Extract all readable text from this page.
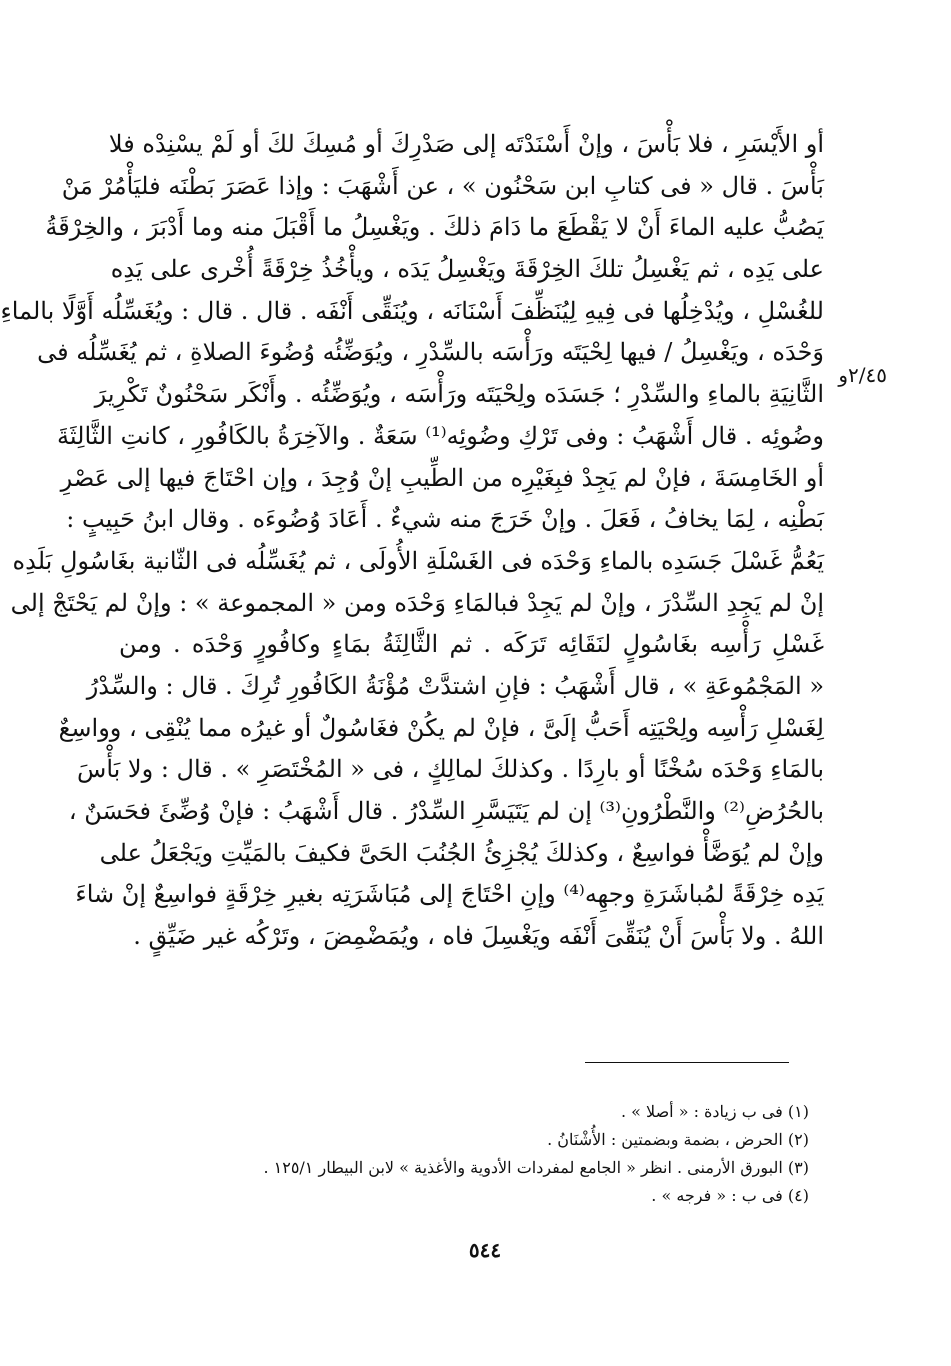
أو الأَيْسَرِ ، فلا بَأْسَ ، وإنْ أَسْنَدْتَه إلى صَدْرِكَ أو مُسِكَ لكَ أو لَمْ يسْنِدْه فلا
بَأْسَ . قال « فى كتابِ ابن سَحْنُون » ، عن أَشْهَبَ : وإذا عَصَرَ بَطْنَه فليَأْمُرْ مَنْ
يَصُبُّ عليه الماءَ أَنْ لا يَقْطَعَ ما دَامَ ذلكَ . ويَغْسِلُ ما أَقْبَلَ منه وما أَدْبَرَ ، والخِرْقَةُ
على يَدِه ، ثم يَغْسِلُ تلكَ الخِرْقَةَ ويَغْسِلُ يَدَه ، ويأْخُذُ خِرْقَةً أُخْرى على يَدِه
للغُسْلِ ، ويُدْخِلُها فى فِيهِ لِيُنَظِّفَ أَسْنَانَه ، ويُنَقِّى أَنْفَه . قال . قال : ويُغَسِّلُه أَوَّلًا بالماءِ
وَحْدَه ، ويَغْسِلُ / فيها لِحْيَتَه ورَأْسَه بالسِّدْرِ ، ويُوَضِّئُه وُضُوءَ الصلاةِ ، ثم يُغَسِّلُه فى
الثَّانِيَةِ بالماءِ والسِّدْرِ ؛ جَسَدَه ولِحْيَتَه ورَأْسَه ، ويُوَضِّئُه . وأَنْكَر سَحْنُونٌ تَكْرِيرَ
وضُوئِه . قال أَشْهَبُ : وفى تَرْكِ وضُوئِه⁽¹⁾ سَعَةٌ . والآخِرَةُ بالكَافُورِ ، كانتِ الثَّالِثَةَ
أو الخَامِسَةَ ، فإنْ لم يَجِدْ فبِغَيْرِه من الطِّيبِ إنْ وُجِدَ ، وإن احْتَاجَ فيها إلى عَصْرِ
بَطْنِه ، لِمَا يخافُ ، فَعَلَ . وإنْ خَرَجَ منه شيءٌ . أَعَادَ وُضُوءَه . وقال ابنُ حَبِيبٍ :
يَعُمُّ غَسْلَ جَسَدِه بالماءِ وَحْدَه فى الغَسْلَةِ الأُولَى ، ثم يُغَسِّلُه فى الثّانية بغَاسُولِ بَلَدِه
إنْ لم يَجِدِ السِّدْرَ ، وإنْ لم يَجِدْ فبالمَاءِ وَحْدَه ومن « المجموعة » : وإنْ لم يَحْتَجْ إلى
غَسْلِ رَأْسِه بغَاسُولٍ لنَقَائِه تَرَكَه . ثم الثَّالِثَةُ بمَاءٍ وكافُورٍ وَحْدَه . ومن
« المَجْمُوعَةِ » ، قال أَشْهَبُ : فإنِ اشتدَّتْ مُؤْنَةُ الكَافُورِ تُرِكَ . قال : والسِّدْرُ
لِغَسْلِ رَأْسِه ولِحْيَتِه أَحَبُّ إلَىَّ ، فإنْ لم يكُنْ فغَاسُولٌ أو غيرُه مما يُنْقِى ، وواسِعٌ
بالمَاءِ وَحْدَه سُخْنًا أو بارِدًا . وكذلكَ لمالِكٍ ، فى « المُخْتَصَرِ » . قال : ولا بَأْسَ
بالحُرُضِ⁽²⁾ والنَّطْرُونِ⁽³⁾ إن لم يَتَيَسَّرِ السِّدْرُ . قال أَشْهَبُ : فإنْ وُضِّئَ فحَسَنٌ ،
وإنْ لم يُوَضَّأْ فواسِعٌ ، وكذلكَ يُجْزِئُ الجُنُبَ الحَىَّ فكيفَ بالمَيِّتِ ويَجْعَلُ على
يَدِه خِرْقَةً لمُباشَرَةِ وجهِه⁽⁴⁾ وإنِ احْتَاجَ إلى مُبَاشَرَتِه بغيرِ خِرْقَةٍ فواسِعٌ إنْ شاءَ
اللهُ . ولا بَأْسَ أَنْ يُنَقِّىَ أَنْفَه ويَغْسِلَ فاه ، ويُمَضْمِضَ ، وتَرْكُه غير ضَيِّقٍ .
٢/٤٥و
(١) فى ب زيادة : « أصلا » .
(٢) الحرض ، بضمة وبضمتين : الأُشْنَانُ .
(٣) البورق الأرمنى . انظر « الجامع لمفردات الأدوية والأغذية » لابن البيطار ١٢٥/١ .
(٤) فى ب : « فرجه » .
٥٤٤
